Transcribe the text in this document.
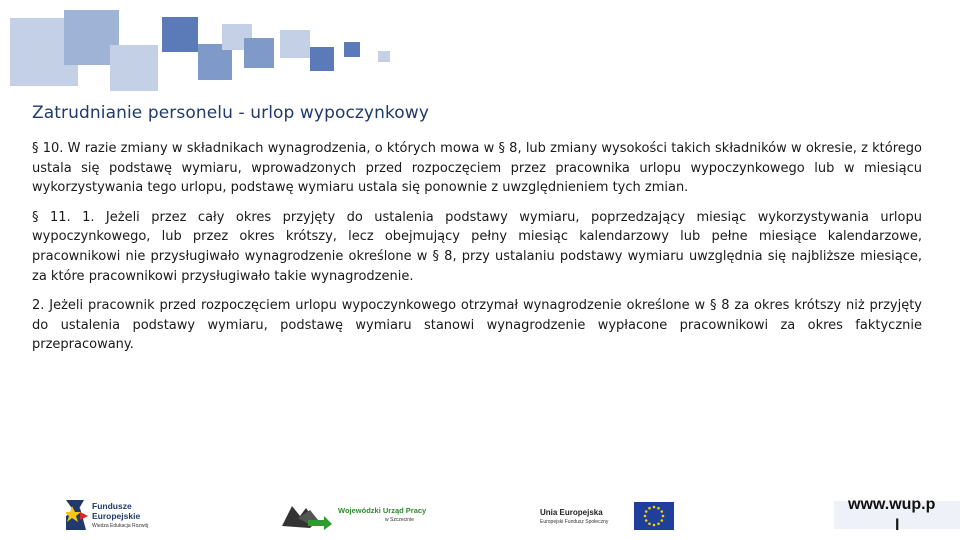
Zatrudnianie personelu - urlop wypoczynkowy

§ 10. W razie zmiany w składnikach wynagrodzenia, o których mowa w § 8, lub zmiany wysokości takich składników w okresie, z którego ustala się podstawę wymiaru, wprowadzonych przed rozpoczęciem przez pracownika urlopu wypoczynkowego lub w miesiącu wykorzystywania tego urlopu, podstawę wymiaru ustala się ponownie z uwzględnieniem tych zmian.

§ 11. 1. Jeżeli przez cały okres przyjęty do ustalenia podstawy wymiaru, poprzedzający miesiąc wykorzystywania urlopu wypoczynkowego, lub przez okres krótszy, lecz obejmujący pełny miesiąc kalendarzowy lub pełne miesiące kalendarzowe, pracownikowi nie przysługiwało wynagrodzenie określone w § 8, przy ustalaniu podstawy wymiaru uwzględnia się najbliższe miesiące, za które pracownikowi przysługiwało takie wynagrodzenie.

2. Jeżeli pracownik przed rozpoczęciem urlopu wypoczynkowego otrzymał wynagrodzenie określone w § 8 za okres krótszy niż przyjęty do ustalenia podstawy wymiaru, podstawę wymiaru stanowi wynagrodzenie wypłacone pracownikowi za okres faktycznie przepracowany.

Fundusze
Europejskie
Wiedza Edukacja Rozwój
Wojewódzki Urząd Pracy
w Szczecinie
Unia Europejska
Europejski Fundusz Społeczny
www.wup.p
l
